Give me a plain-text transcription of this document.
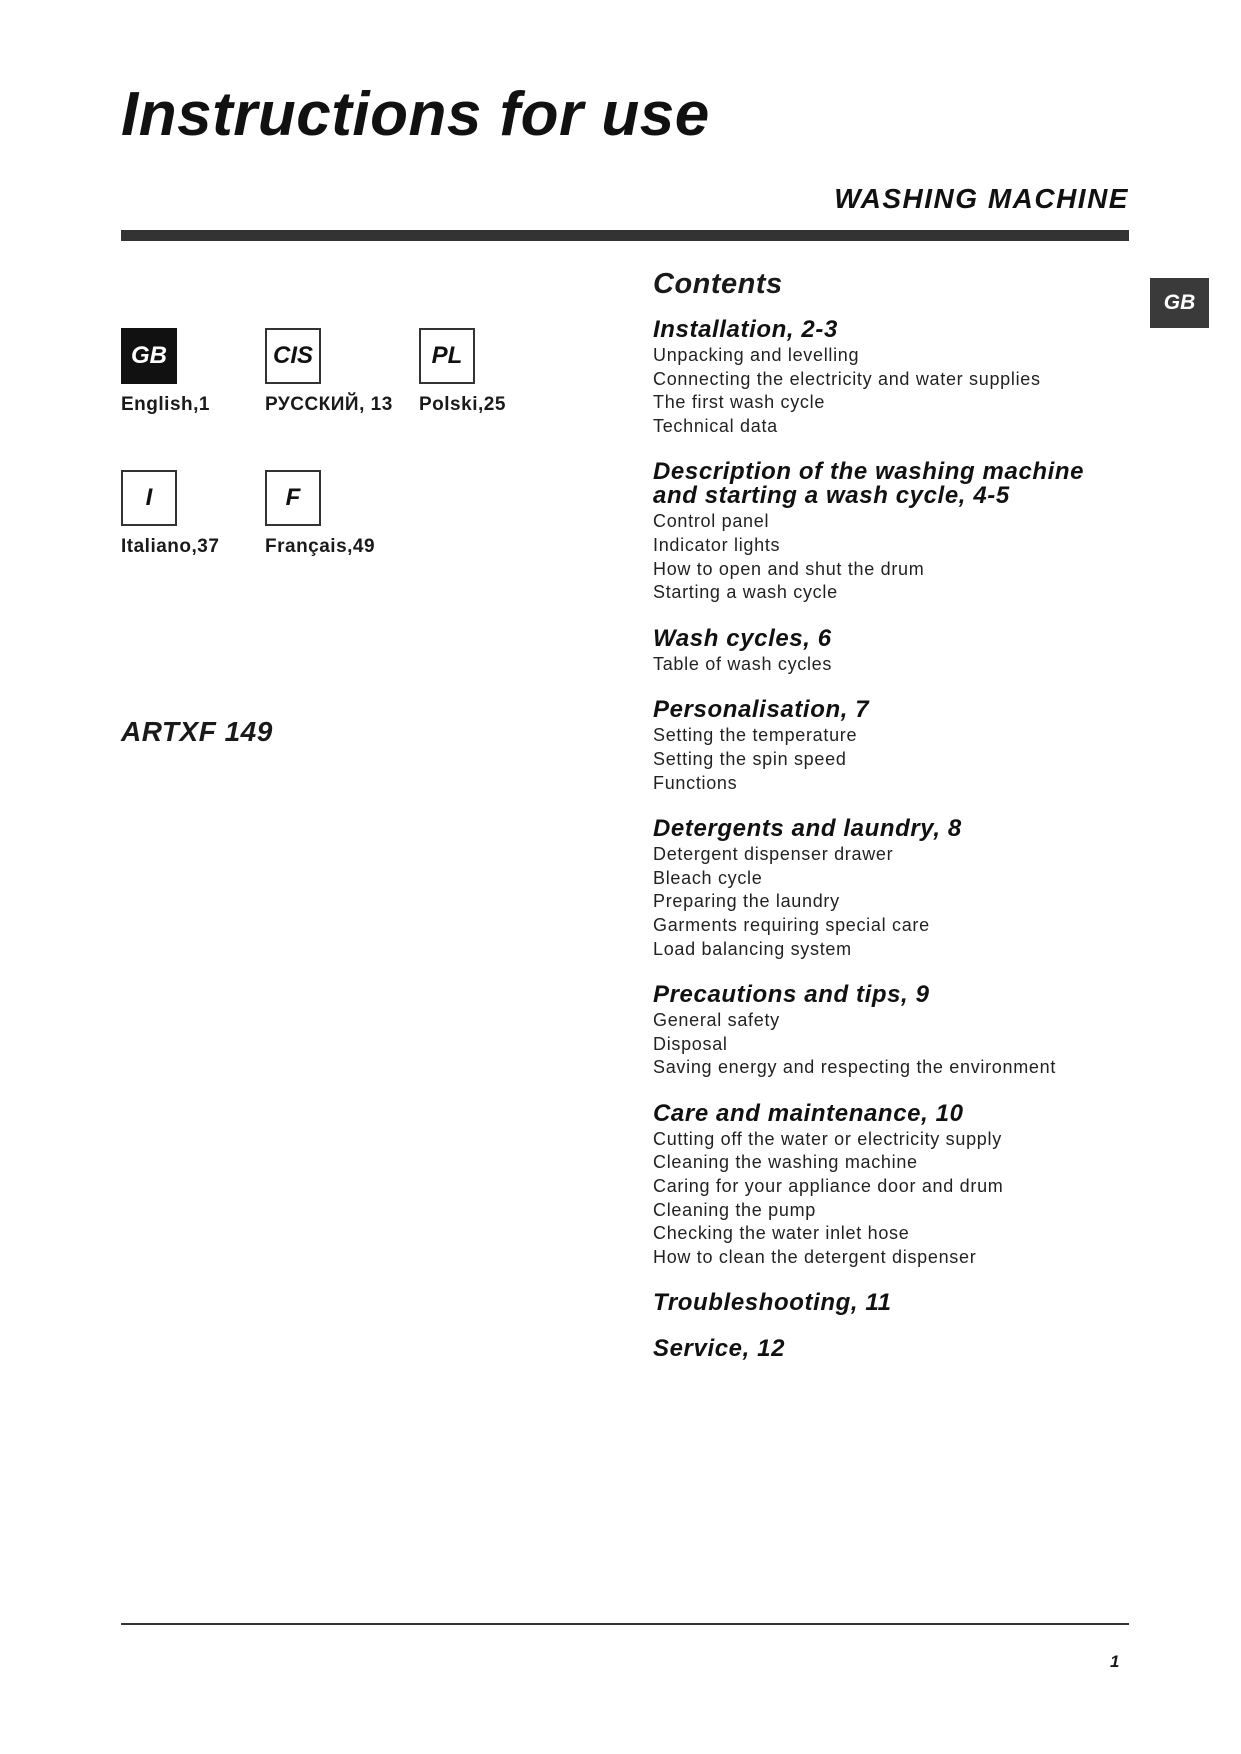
Instructions for use
WASHING MACHINE
GB
GB
English,1
CIS
РУССКИЙ, 13
PL
Polski,25
I
Italiano,37
F
Français,49
ARTXF 149
Contents
Installation, 2-3
Unpacking and levelling
Connecting the electricity and water supplies
The first wash cycle
Technical data
Description of the washing machine
and starting a wash cycle, 4-5
Control panel
Indicator lights
How to open and shut the drum
Starting a wash cycle
Wash cycles, 6
Table of wash cycles
Personalisation, 7
Setting the temperature
Setting the spin speed
Functions
Detergents and laundry, 8
Detergent dispenser drawer
Bleach cycle
Preparing the laundry
Garments requiring special care
Load balancing system
Precautions and tips, 9
General safety
Disposal
Saving energy and respecting the environment
Care and maintenance, 10
Cutting off the water or electricity supply
Cleaning the washing machine
Caring for your appliance door and drum
Cleaning the pump
Checking the water inlet hose
How to clean the detergent dispenser
Troubleshooting, 11
Service, 12
1
